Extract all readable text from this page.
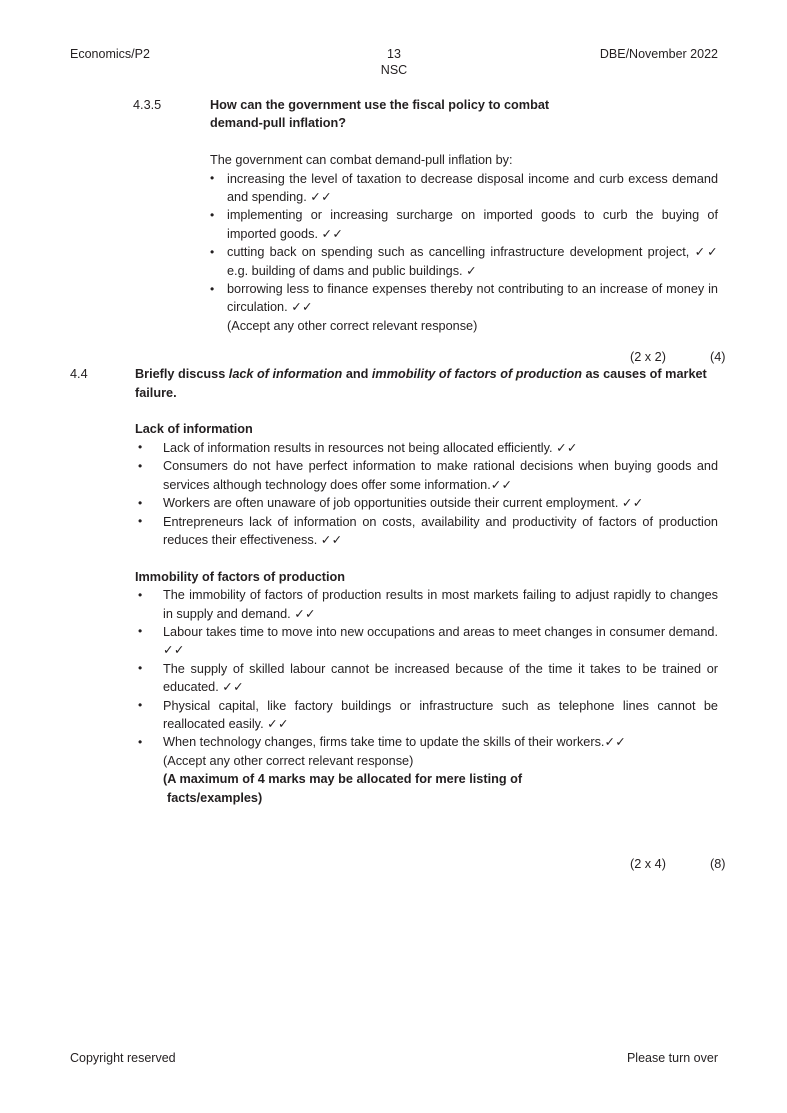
Economics/P2	13
NSC
DBE/November 2022
4.3.5	How can the government use the fiscal policy to combat
demand-pull inflation?
The government can combat demand-pull inflation by:
• increasing the level of taxation to decrease disposal income and curb excess demand and spending. ✓✓
• implementing or increasing surcharge on imported goods to curb the buying of imported goods. ✓✓
• cutting back on spending such as cancelling infrastructure development project, ✓✓ e.g. building of dams and public buildings. ✓
• borrowing less to finance expenses thereby not contributing to an increase of money in circulation. ✓✓
(Accept any other correct relevant response)
(2 x 2)	(4)
4.4	Briefly discuss lack of information and immobility of factors of production as causes of market failure.
Lack of information
• Lack of information results in resources not being allocated efficiently. ✓✓
• Consumers do not have perfect information to make rational decisions when buying goods and services although technology does offer some information.✓✓
• Workers are often unaware of job opportunities outside their current employment. ✓✓
• Entrepreneurs lack of information on costs, availability and productivity of factors of production reduces their effectiveness. ✓✓
Immobility of factors of production
• The immobility of factors of production results in most markets failing to adjust rapidly to changes in supply and demand. ✓✓
• Labour takes time to move into new occupations and areas to meet changes in consumer demand. ✓✓
• The supply of skilled labour cannot be increased because of the time it takes to be trained or educated. ✓✓
• Physical capital, like factory buildings or infrastructure such as telephone lines cannot be reallocated easily. ✓✓
• When technology changes, firms take time to update the skills of their workers.✓✓
(Accept any other correct relevant response)
(A maximum of 4 marks may be allocated for mere listing of
facts/examples)
(2 x 4)	(8)
Copyright reserved	Please turn over
